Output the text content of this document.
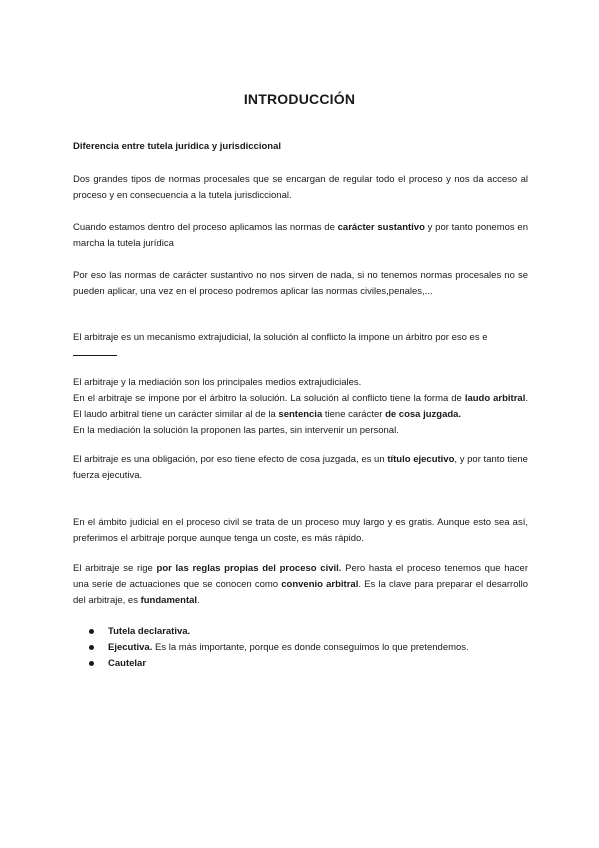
INTRODUCCIÓN
Diferencia entre tutela jurídica y jurisdiccional
Dos grandes tipos de normas procesales que se encargan de regular todo el proceso y nos da acceso al proceso y en consecuencia a la tutela jurisdiccional.
Cuando estamos dentro del proceso aplicamos las normas de carácter sustantivo y por tanto ponemos en marcha la tutela jurídica
Por eso las normas de carácter sustantivo no nos sirven de nada, si no tenemos normas procesales no se pueden aplicar, una vez en el proceso podremos aplicar las normas civiles,penales,...
El arbitraje es un mecanismo extrajudicial, la solución al conflicto la impone un árbitro por eso es e

El arbitraje y la mediación son los principales medios extrajudiciales.
En el arbitraje se impone por el árbitro la solución. La solución al conflicto tiene la forma de laudo arbitral. El laudo arbitral tiene un carácter similar al de la sentencia tiene carácter de cosa juzgada.
En la mediación la solución la proponen las partes, sin intervenir un personal.
El arbitraje es una obligación, por eso tiene efecto de cosa juzgada, es un título ejecutivo, y por tanto tiene fuerza ejecutiva.
En el ámbito judicial en el proceso civil se trata de un proceso muy largo y es gratis. Aunque esto sea así, preferimos el arbitraje porque aunque tenga un coste, es más rápido.
El arbitraje se rige por las reglas propias del proceso civil. Pero hasta el proceso tenemos que hacer una serie de actuaciones que se conocen como convenio arbitral. Es la clave para preparar el desarrollo del arbitraje, es fundamental.
Tutela declarativa.
Ejecutiva. Es la más importante, porque es donde conseguimos lo que pretendemos.
Cautelar
